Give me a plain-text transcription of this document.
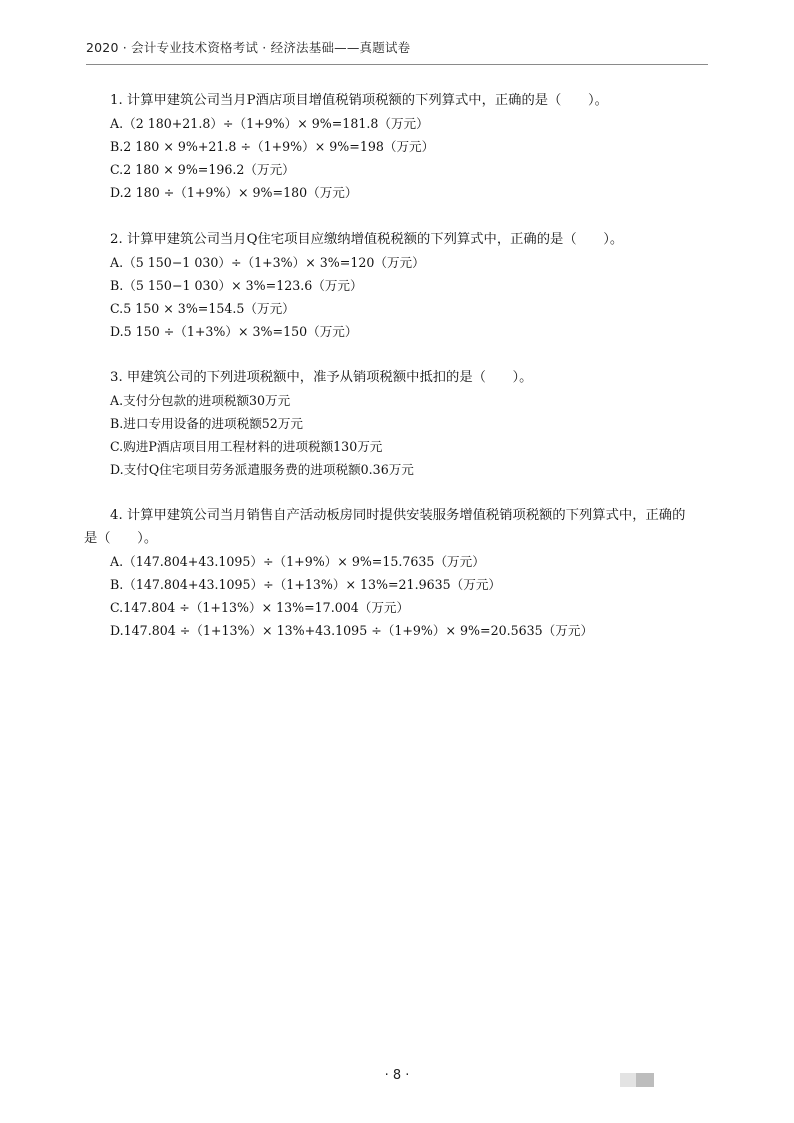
2020 · 会计专业技术资格考试 · 经济法基础——真题试卷

1. 计算甲建筑公司当月P酒店项目增值税销项税额的下列算式中，正确的是（　　）。

A.（2 180+21.8）÷（1+9%）× 9%=181.8（万元）

B.2 180 × 9%+21.8 ÷（1+9%）× 9%=198（万元）

C.2 180 × 9%=196.2（万元）

D.2 180 ÷（1+9%）× 9%=180（万元）

2. 计算甲建筑公司当月Q住宅项目应缴纳增值税税额的下列算式中，正确的是（　　）。

A.（5 150−1 030）÷（1+3%）× 3%=120（万元）

B.（5 150−1 030）× 3%=123.6（万元）

C.5 150 × 3%=154.5（万元）

D.5 150 ÷（1+3%）× 3%=150（万元）

3. 甲建筑公司的下列进项税额中，准予从销项税额中抵扣的是（　　）。

A.支付分包款的进项税额30万元

B.进口专用设备的进项税额52万元

C.购进P酒店项目用工程材料的进项税额130万元

D.支付Q住宅项目劳务派遣服务费的进项税额0.36万元

4. 计算甲建筑公司当月销售自产活动板房同时提供安装服务增值税销项税额的下列算式中，正确的
是（　　）。

A.（147.804+43.1095）÷（1+9%）× 9%=15.7635（万元）

B.（147.804+43.1095）÷（1+13%）× 13%=21.9635（万元）

C.147.804 ÷（1+13%）× 13%=17.004（万元）

D.147.804 ÷（1+13%）× 13%+43.1095 ÷（1+9%）× 9%=20.5635（万元）

· 8 ·
